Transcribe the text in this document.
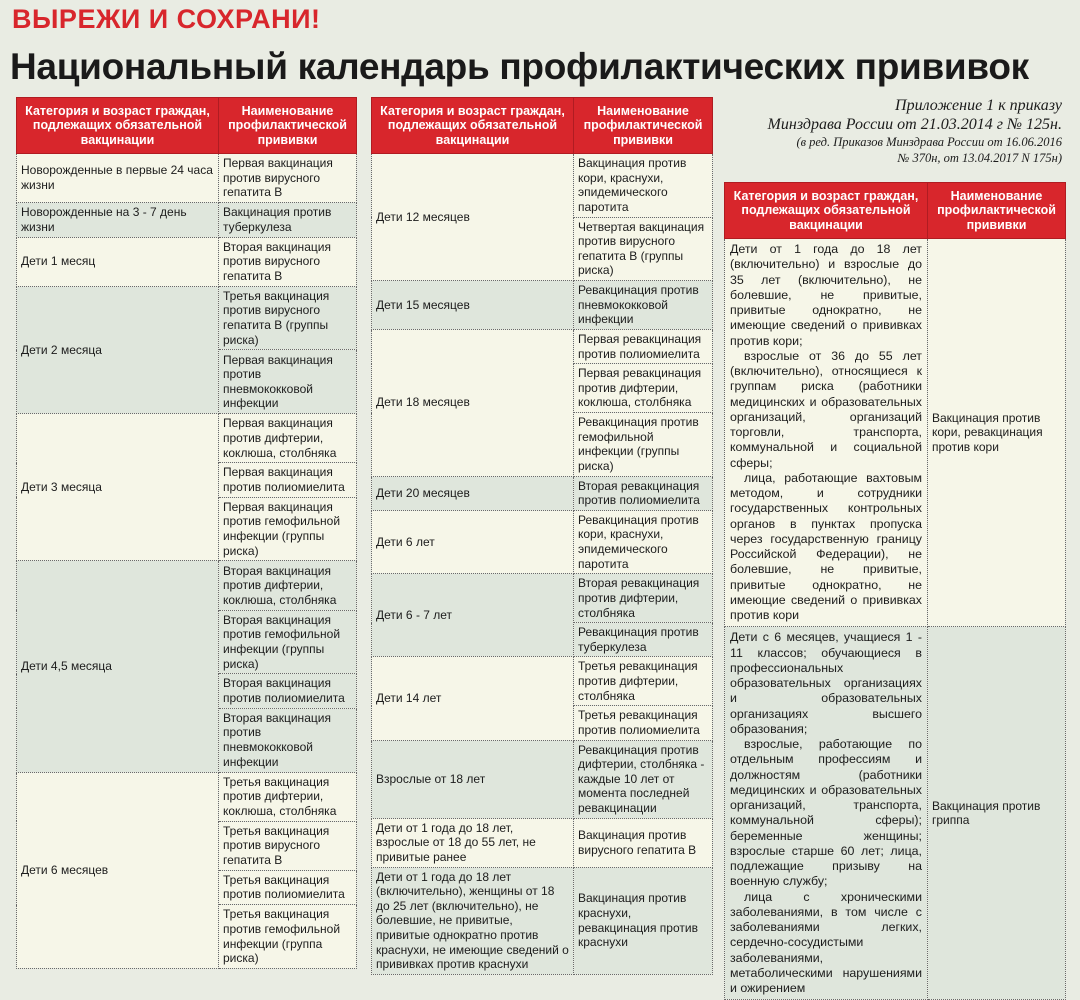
ВЫРЕЖИ И СОХРАНИ!
Национальный календарь профилактических прививок
Приложение 1 к приказу
Минздрава России от 21.03.2014 г № 125н.
(в ред. Приказов Минздрава России от 16.06.2016
№ 370н, от 13.04.2017 N 175н)
Категория и возраст граждан, подлежащих обязательной вакцинации	Наименование профилактической прививки
Новорожденные в первые 24 часа жизни	Первая вакцинация против вирусного гепатита В
Новорожденные на 3 - 7 день жизни	Вакцинация против туберкулеза
Дети 1 месяц	Вторая вакцинация против вирусного гепатита В
Дети 2 месяца	Третья вакцинация против вирусного гепатита В (группы риска)
	Первая вакцинация против пневмококковой инфекции
Дети 3 месяца	Первая вакцинация против дифтерии, коклюша, столбняка
	Первая вакцинация против полиомиелита
	Первая вакцинация против гемофильной инфекции (группы риска)
Дети 4,5 месяца	Вторая вакцинация против дифтерии, коклюша, столбняка
	Вторая вакцинация против гемофильной инфекции (группы риска)
	Вторая вакцинация против полиомиелита
	Вторая вакцинация против пневмококковой инфекции
Дети 6 месяцев	Третья вакцинация против дифтерии, коклюша, столбняка
	Третья вакцинация против вирусного гепатита В
	Третья вакцинация против полиомиелита
	Третья вакцинация против гемофильной инфекции (группа риска)
Категория и возраст граждан, подлежащих обязательной вакцинации	Наименование профилактической прививки
Дети 12 месяцев	Вакцинация против кори, краснухи, эпидемического паротита
	Четвертая вакцинация против вирусного гепатита В (группы риска)
Дети 15 месяцев	Ревакцинация против пневмококковой инфекции
Дети 18 месяцев	Первая ревакцинация против полиомиелита
	Первая ревакцинация против дифтерии, коклюша, столбняка
	Ревакцинация против гемофильной инфекции (группы риска)
Дети 20 месяцев	Вторая ревакцинация против полиомиелита
Дети 6 лет	Ревакцинация против кори, краснухи, эпидемического паротита
Дети 6 - 7 лет	Вторая ревакцинация против дифтерии, столбняка
	Ревакцинация против туберкулеза
Дети 14 лет	Третья ревакцинация против дифтерии, столбняка
	Третья ревакцинация против полиомиелита
Взрослые от 18 лет	Ревакцинация против дифтерии, столбняка - каждые 10 лет от момента последней ревакцинации
Дети от 1 года до 18 лет, взрослые от 18 до 55 лет, не привитые ранее	Вакцинация против вирусного гепатита В
Дети от 1 года до 18 лет (включительно), женщины от 18 до 25 лет (включительно), не болевшие, не привитые, привитые однократно против краснухи, не имеющие сведений о прививках против краснухи	Вакцинация против краснухи, ревакцинация против краснухи
Категория и возраст граждан, подлежащих обязательной вакцинации	Наименование профилактической прививки

Дети от 1 года до 18 лет (включительно) и взрослые до 35 лет (включительно), не болевшие, не привитые, привитые однократно, не имеющие сведений о прививках против кори;
взрослые от 36 до 55 лет (включительно), относящиеся к группам риска (работники медицинских и образовательных организаций, организаций торговли, транспорта, коммунальной и социальной сферы;
лица, работающие вахтовым методом, и сотрудники государственных контрольных органов в пунктах пропуска через государственную границу Российской Федерации), не болевшие, не привитые, привитые однократно, не имеющие сведений о прививках против кори	Вакцинация против кори, ревакцинация против кори

Дети с 6 месяцев, учащиеся 1 - 11 классов; обучающиеся в профессиональных образовательных организациях и образовательных организациях высшего образования;
взрослые, работающие по отдельным профессиям и должностям (работники медицинских и образовательных организаций, транспорта, коммунальной сферы); беременные женщины; взрослые старше 60 лет; лица, подлежащие призыву на военную службу;
лица с хроническими заболеваниями, в том числе с заболеваниями легких, сердечно-сосудистыми заболеваниями, метаболическими нарушениями и ожирением	Вакцинация против гриппа
